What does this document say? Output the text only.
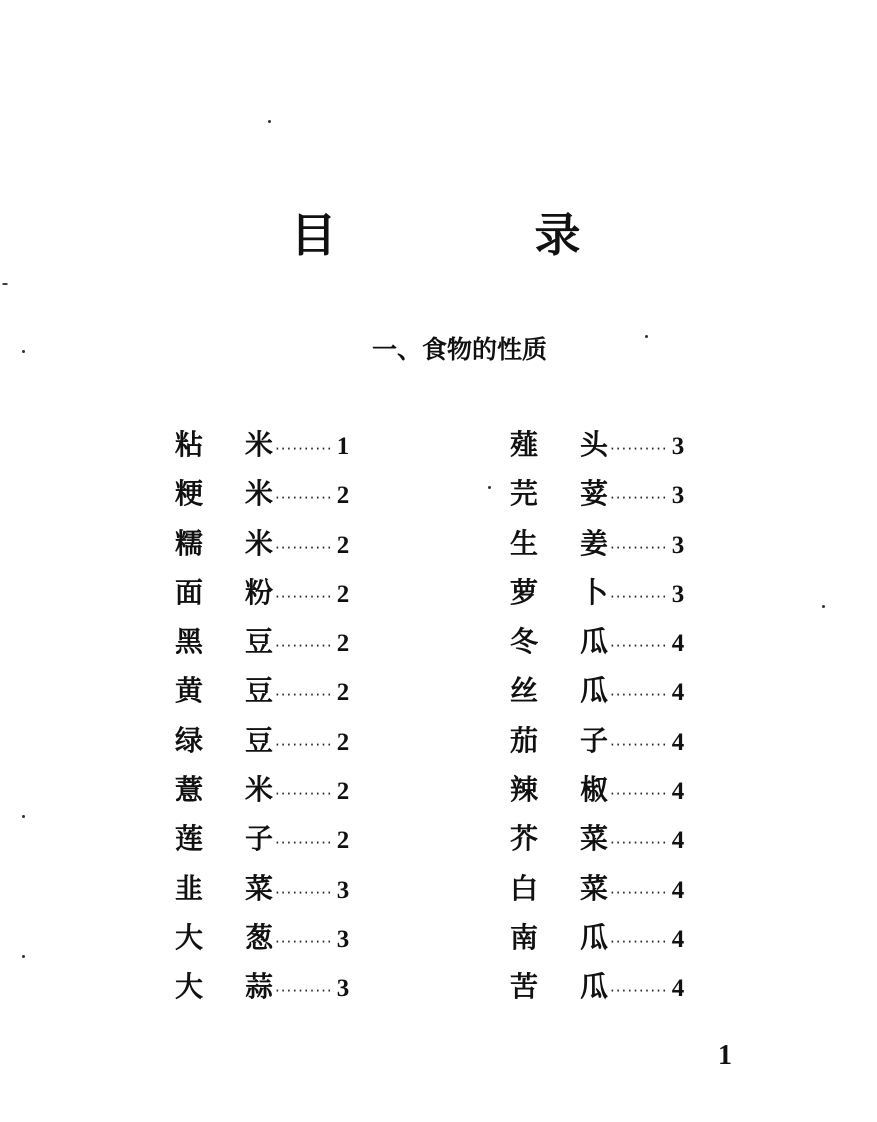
目　录
一、食物的性质
粘	米 ·········· 1
粳	米 ·········· 2
糯	米 ·········· 2
面	粉 ·········· 2
黑	豆 ·········· 2
黄	豆 ·········· 2
绿	豆 ·········· 2
薏	米 ·········· 2
莲	子 ·········· 2
韭	菜 ·········· 3
大	葱 ·········· 3
大	蒜 ·········· 3
薤	头 ·········· 3
芫	荽 ·········· 3
生	姜 ·········· 3
萝	卜 ·········· 3
冬	瓜 ·········· 4
丝	瓜 ·········· 4
茄	子 ·········· 4
辣	椒 ·········· 4
芥	菜 ·········· 4
白	菜 ·········· 4
南	瓜 ·········· 4
苦	瓜 ·········· 4
1
